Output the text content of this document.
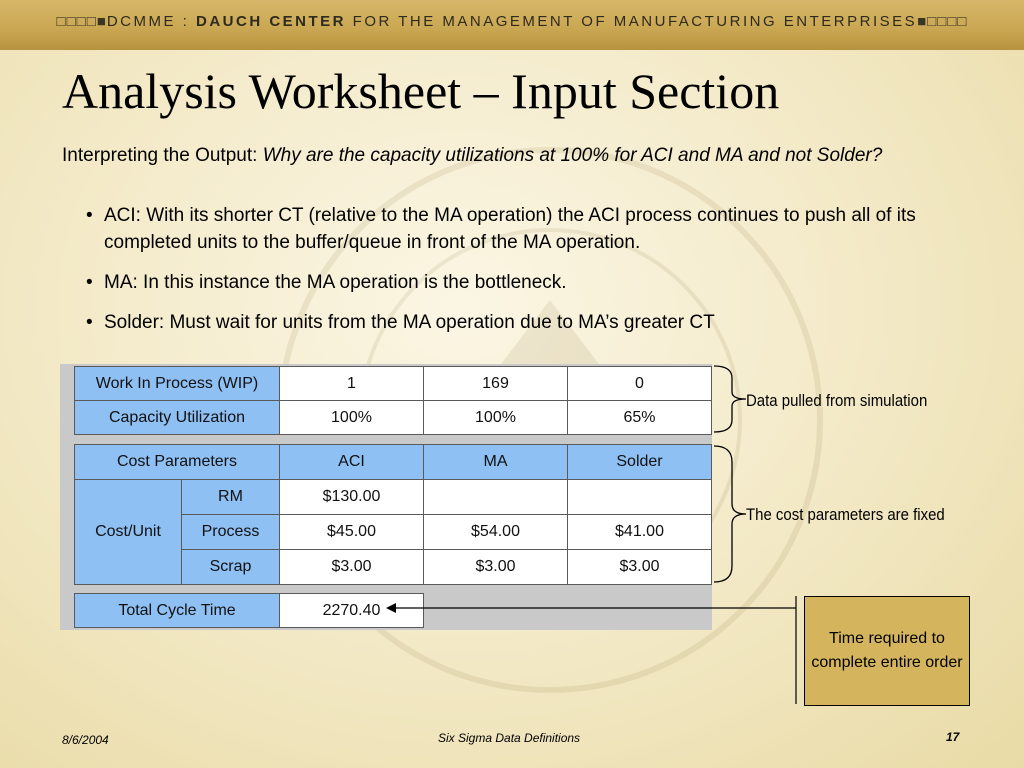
□□□□■DCMME : DAUCH CENTER FOR THE MANAGEMENT OF MANUFACTURING ENTERPRISES■□□□□
Analysis Worksheet – Input Section
Interpreting the Output: Why are the capacity utilizations at 100% for ACI and MA and not Solder?
• ACI: With its shorter CT (relative to the MA operation) the ACI process continues to push all of its completed units to the buffer/queue in front of the MA operation.
• MA: In this instance the MA operation is the bottleneck.
• Solder: Must wait for units from the MA operation due to MA’s greater CT
Work In Process (WIP)	1	169	0
Capacity Utilization	100%	100%	65%
Cost Parameters		ACI	MA	Solder
Cost/Unit	RM	$130.00		
	Process	$45.00	$54.00	$41.00
	Scrap	$3.00	$3.00	$3.00
Total Cycle Time	2270.40
Data pulled from simulation
The cost parameters are fixed
Time required to complete entire order
8/6/2004	Six Sigma Data Definitions	17
